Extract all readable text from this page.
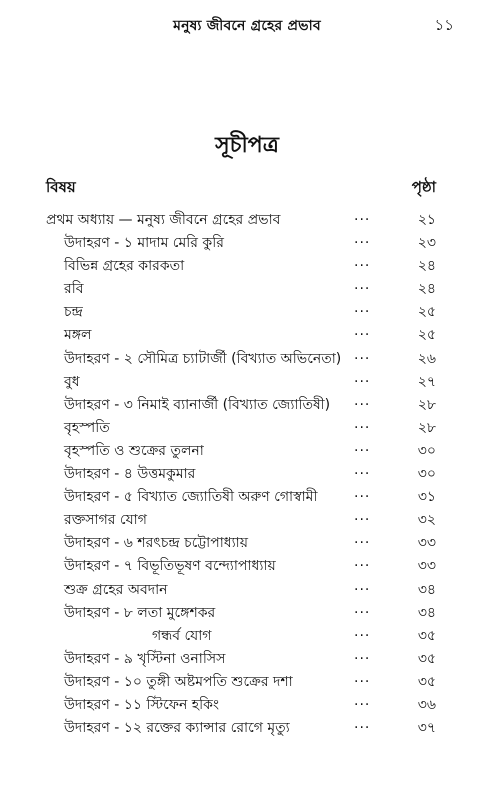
মনুষ্য জীবনে গ্রহের প্রভাব	১১
সূচীপত্র
বিষয়	পৃষ্ঠা
প্রথম অধ্যায় — মনুষ্য জীবনে গ্রহের প্রভাব	...	২১
উদাহরণ - ১ মাদাম মেরি কুরি	...	২৩
বিভিন্ন গ্রহের কারকতা	...	২৪
রবি	...	২৪
চন্দ্র	...	২৫
মঙ্গল	...	২৫
উদাহরণ - ২ সৌমিত্র চ্যাটার্জী (বিখ্যাত অভিনেতা) ...	২৬
বুধ	...	২৭
উদাহরণ - ৩ নিমাই ব্যানার্জী (বিখ্যাত জ্যোতিষী) ...	২৮
বৃহস্পতি	...	২৮
বৃহস্পতি ও শুক্রের তুলনা	...	৩০
উদাহরণ - ৪ উত্তমকুমার	...	৩০
উদাহরণ - ৫ বিখ্যাত জ্যোতিষী অরুণ গোস্বামী	...	৩১
রক্তসাগর যোগ	...	৩২
উদাহরণ - ৬ শরৎচন্দ্র চট্টোপাধ্যায়	...	৩৩
উদাহরণ - ৭ বিভূতিভূষণ বন্দ্যোপাধ্যায়	...	৩৩
শুক্র গ্রহের অবদান	...	৩৪
উদাহরণ - ৮ লতা মুঙ্গেশকর	...	৩৪
গন্ধর্ব যোগ	...	৩৫
উদাহরণ - ৯ খৃস্টিনা ওনাসিস	...	৩৫
উদাহরণ - ১০ তুঙ্গী অষ্টমপতি শুক্রের দশা	...	৩৫
উদাহরণ - ১১ স্টিফেন হকিং	...	৩৬
উদাহরণ - ১২ রক্তের ক্যান্সার রোগে মৃত্যু	...	৩৭
